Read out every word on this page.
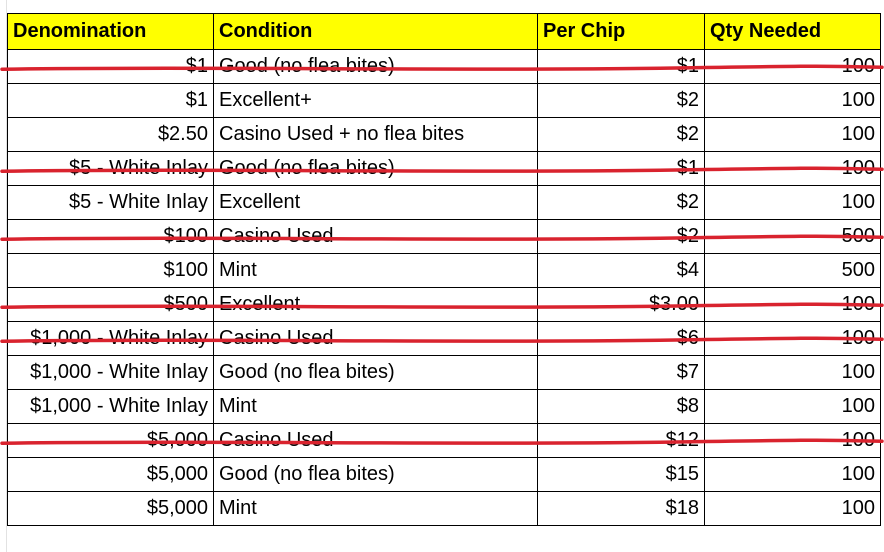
Denomination	Condition	Per Chip	Qty Needed
$1	Good (no flea bites)	$1	100
$1	Excellent+	$2	100
$2.50	Casino Used + no flea bites	$2	100
$5 - White Inlay	Good (no flea bites)	$1	100
$5 - White Inlay	Excellent	$2	100
$100	Casino Used	$2	500
$100	Mint	$4	500
$500	Excellent	$3.00	100
$1,000 - White Inlay	Casino Used	$6	100
$1,000 - White Inlay	Good (no flea bites)	$7	100
$1,000 - White Inlay	Mint	$8	100
$5,000	Casino Used	$12	100
$5,000	Good (no flea bites)	$15	100
$5,000	Mint	$18	100
